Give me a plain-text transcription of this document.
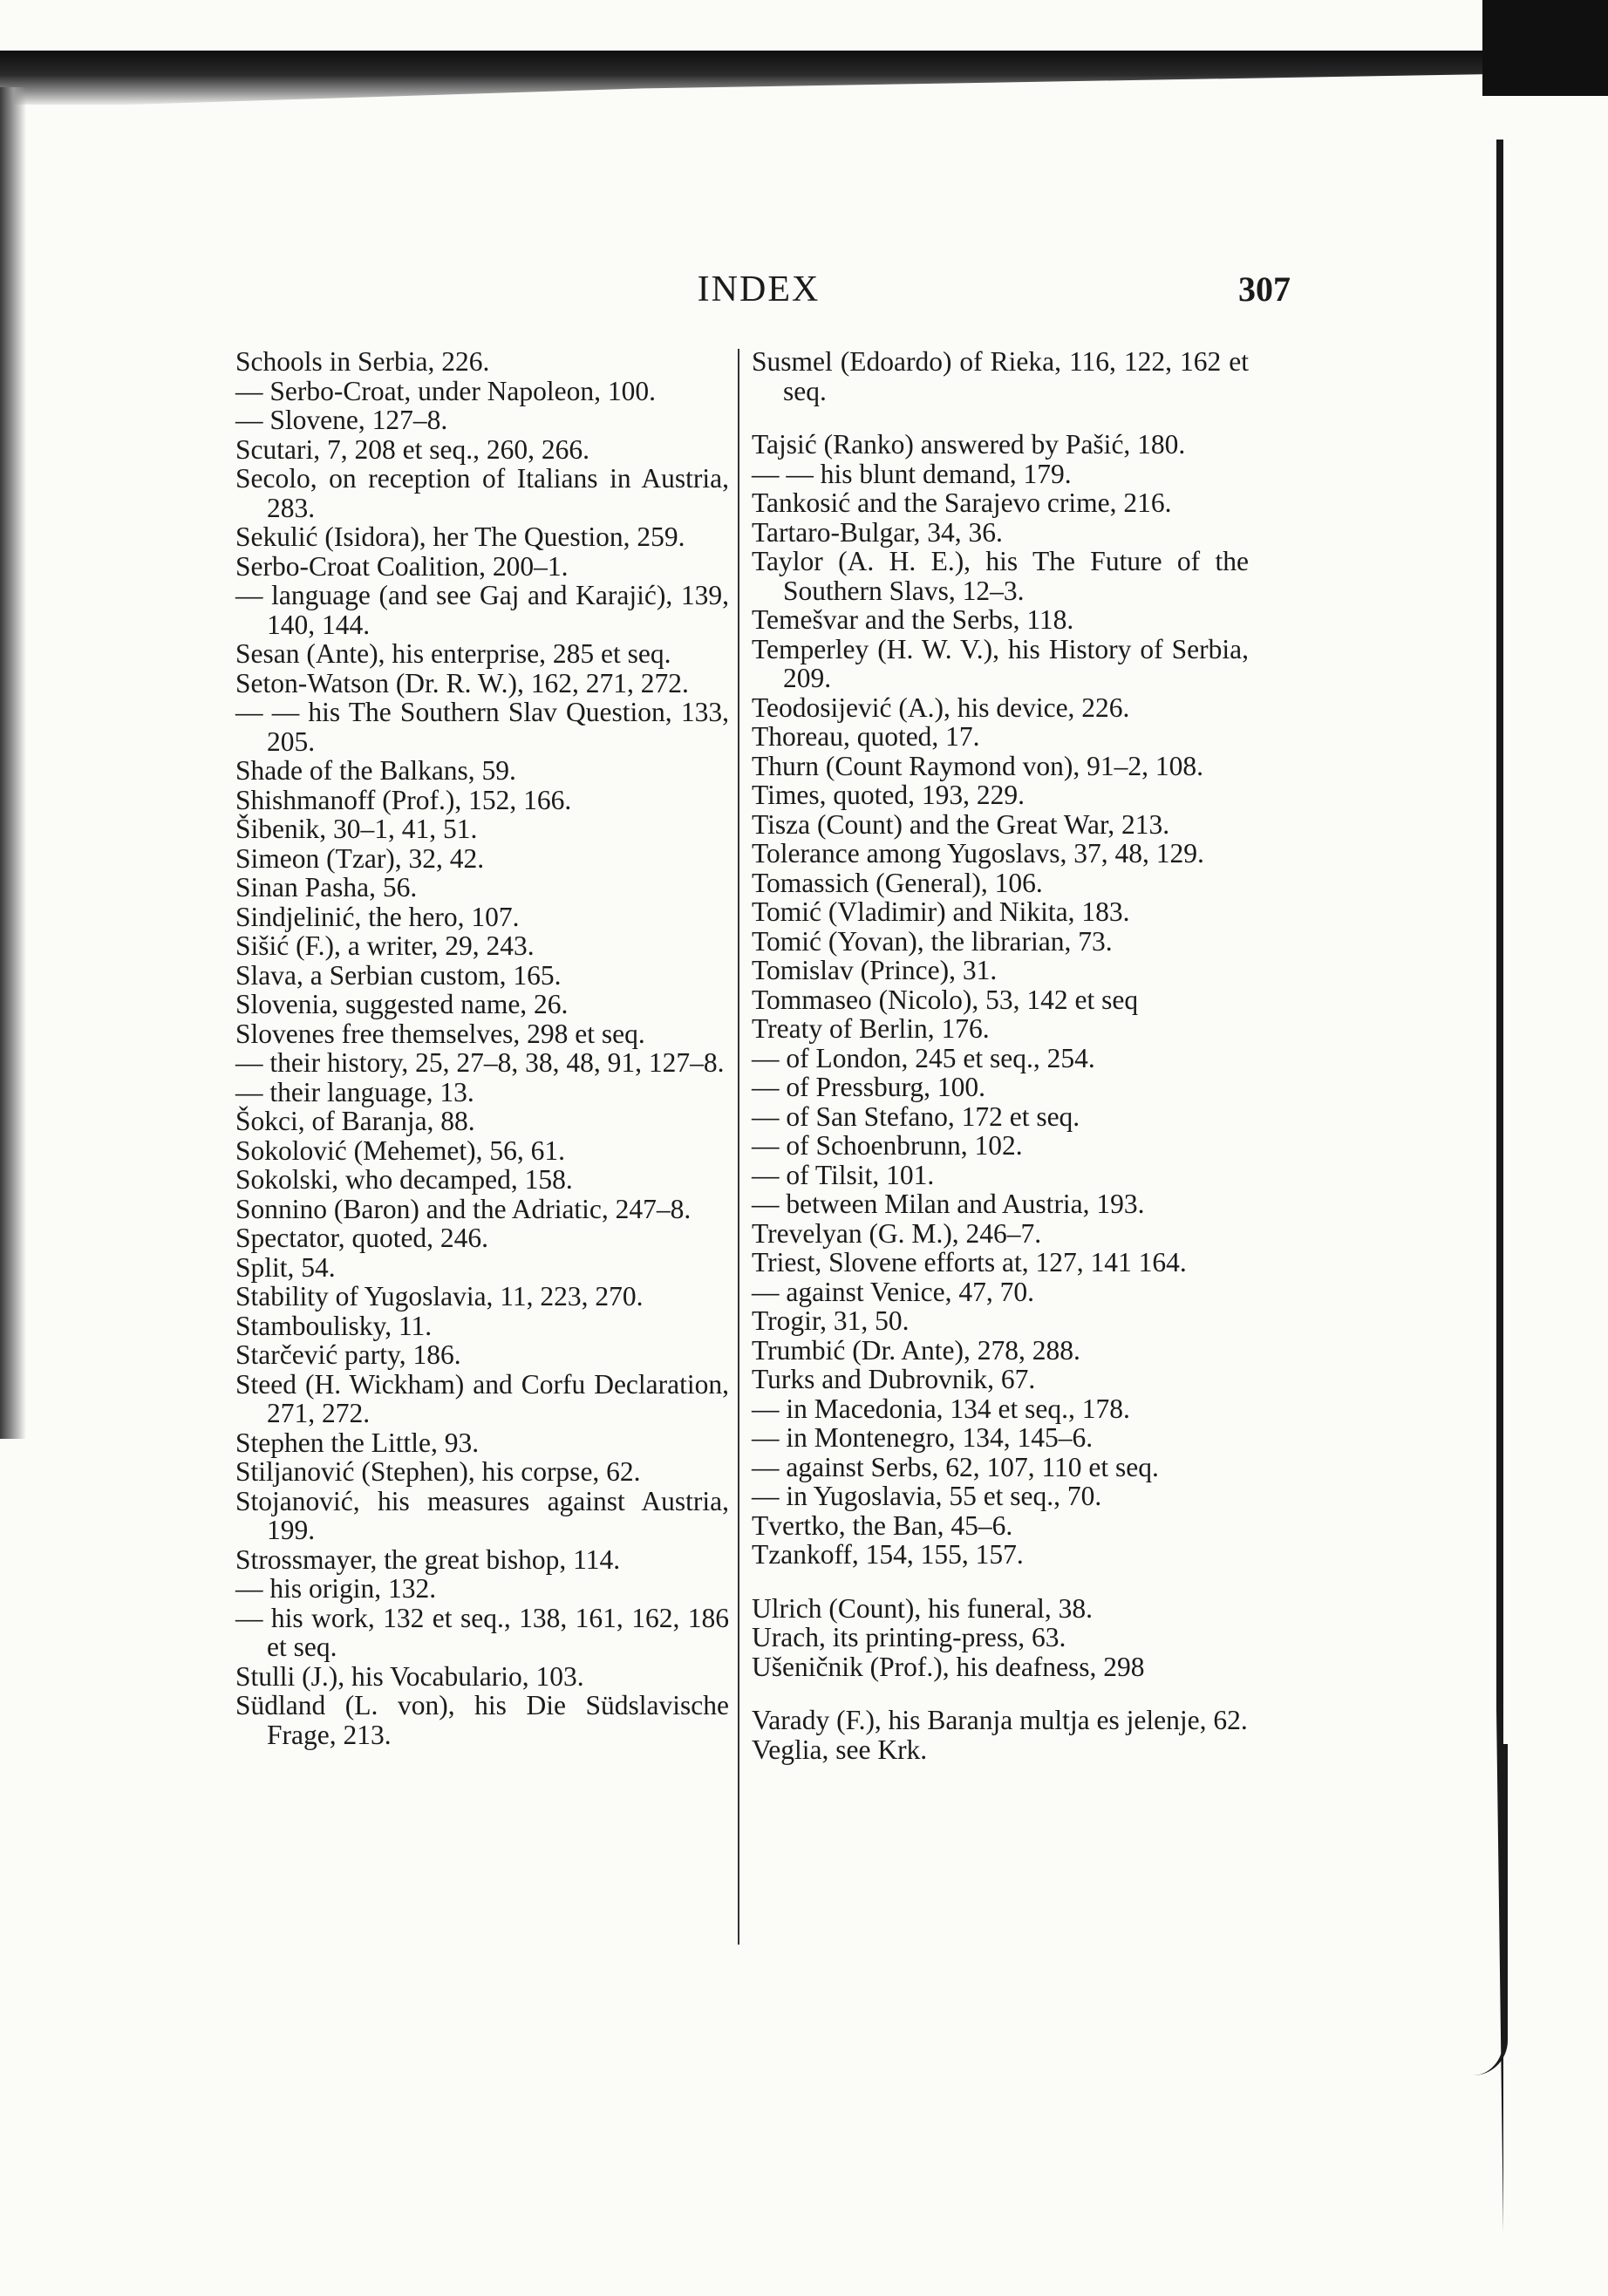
INDEX	307
Schools in Serbia, 226.
— Serbo-Croat, under Napoleon, 100.
— Slovene, 127–8.
Scutari, 7, 208 et seq., 260, 266.
Secolo, on reception of Italians in Austria, 283.
Sekulić (Isidora), her The Question, 259.
Serbo-Croat Coalition, 200–1.
— language (and see Gaj and Karajić), 139, 140, 144.
Sesan (Ante), his enterprise, 285 et seq.
Seton-Watson (Dr. R. W.), 162, 271, 272.
— — his The Southern Slav Question, 133, 205.
Shade of the Balkans, 59.
Shishmanoff (Prof.), 152, 166.
Šibenik, 30–1, 41, 51.
Simeon (Tzar), 32, 42.
Sinan Pasha, 56.
Sindjelinić, the hero, 107.
Sišić (F.), a writer, 29, 243.
Slava, a Serbian custom, 165.
Slovenia, suggested name, 26.
Slovenes free themselves, 298 et seq.
— their history, 25, 27–8, 38, 48, 91, 127–8.
— their language, 13.
Šokci, of Baranja, 88.
Sokolović (Mehemet), 56, 61.
Sokolski, who decamped, 158.
Sonnino (Baron) and the Adriatic, 247–8.
Spectator, quoted, 246.
Split, 54.
Stability of Yugoslavia, 11, 223, 270.
Stamboulisky, 11.
Starčević party, 186.
Steed (H. Wickham) and Corfu Declaration, 271, 272.
Stephen the Little, 93.
Stiljanović (Stephen), his corpse, 62.
Stojanović, his measures against Austria, 199.
Strossmayer, the great bishop, 114.
— his origin, 132.
— his work, 132 et seq., 138, 161, 162, 186 et seq.
Stulli (J.), his Vocabulario, 103.
Südland (L. von), his Die Südslavische Frage, 213.
Susmel (Edoardo) of Rieka, 116, 122, 162 et seq.
Tajsić (Ranko) answered by Pašić, 180.
— — his blunt demand, 179.
Tankosić and the Sarajevo crime, 216.
Tartaro-Bulgar, 34, 36.
Taylor (A. H. E.), his The Future of the Southern Slavs, 12–3.
Temešvar and the Serbs, 118.
Temperley (H. W. V.), his History of Serbia, 209.
Teodosijević (A.), his device, 226.
Thoreau, quoted, 17.
Thurn (Count Raymond von), 91–2, 108.
Times, quoted, 193, 229.
Tisza (Count) and the Great War, 213.
Tolerance among Yugoslavs, 37, 48, 129.
Tomassich (General), 106.
Tomić (Vladimir) and Nikita, 183.
Tomić (Yovan), the librarian, 73.
Tomislav (Prince), 31.
Tommaseo (Nicolo), 53, 142 et seq
Treaty of Berlin, 176.
— of London, 245 et seq., 254.
— of Pressburg, 100.
— of San Stefano, 172 et seq.
— of Schoenbrunn, 102.
— of Tilsit, 101.
— between Milan and Austria, 193.
Trevelyan (G. M.), 246–7.
Triest, Slovene efforts at, 127, 141 164.
— against Venice, 47, 70.
Trogir, 31, 50.
Trumbić (Dr. Ante), 278, 288.
Turks and Dubrovnik, 67.
— in Macedonia, 134 et seq., 178.
— in Montenegro, 134, 145–6.
— against Serbs, 62, 107, 110 et seq.
— in Yugoslavia, 55 et seq., 70.
Tvertko, the Ban, 45–6.
Tzankoff, 154, 155, 157.
Ulrich (Count), his funeral, 38.
Urach, its printing-press, 63.
Ušeničnik (Prof.), his deafness, 298
Varady (F.), his Baranja multja es jelenje, 62.
Veglia, see Krk.
